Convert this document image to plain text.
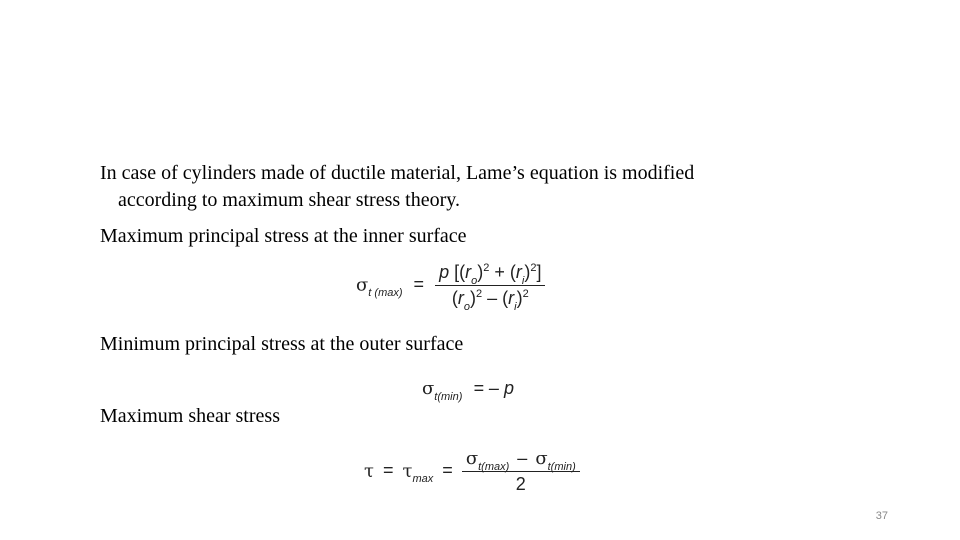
In case of cylinders made of ductile material, Lame’s equation is modified
according to maximum shear stress theory.
Maximum principal stress at the inner surface
$\sigma_{t (max)} = \frac{p [(r_o)^2 + (r_i)^2]}{(r_o)^2 - (r_i)^2}$
Minimum principal stress at the outer surface
$\sigma_{t(min)}$ = – p
Maximum shear stress
$\tau = \tau_{max} = \frac{\sigma_{t(max)} - \sigma_{t(min)}}{2}$
37
